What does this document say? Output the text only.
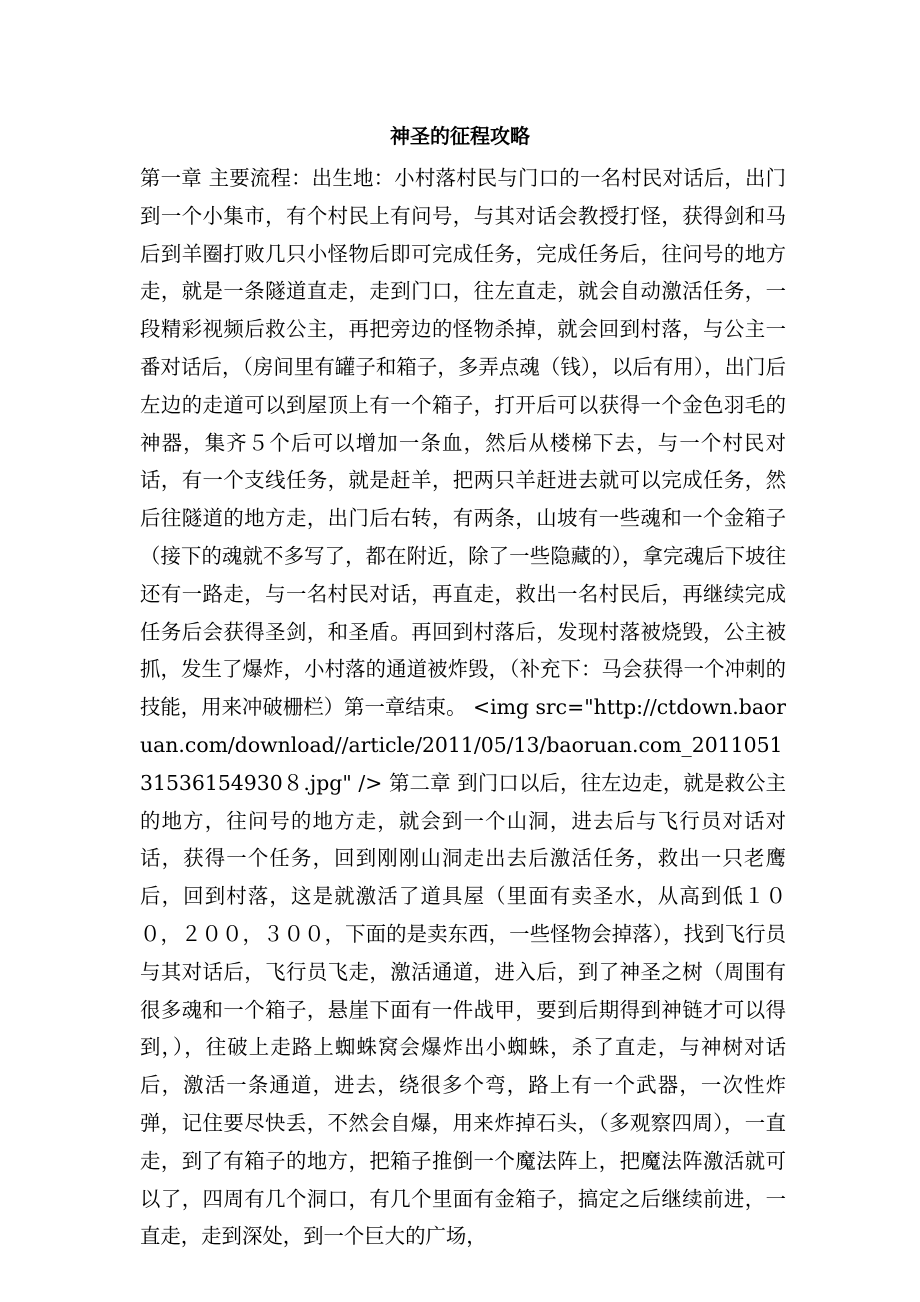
神圣的征程攻略

第一章 主要流程：出生地：小村落村民与门口的一名村民对话后，出门到一个小集市，有个村民上有问号，与其对话会教授打怪，获得剑和马后到羊圈打败几只小怪物后即可完成任务，完成任务后，往问号的地方走，就是一条隧道直走，走到门口，往左直走，就会自动激活任务，一段精彩视频后救公主，再把旁边的怪物杀掉，就会回到村落，与公主一番对话后，（房间里有罐子和箱子，多弄点魂（钱），以后有用），出门后左边的走道可以到屋顶上有一个箱子，打开后可以获得一个金色羽毛的神器，集齐５个后可以增加一条血，然后从楼梯下去，与一个村民对话，有一个支线任务，就是赶羊，把两只羊赶进去就可以完成任务，然后往隧道的地方走，出门后右转，有两条，山坡有一些魂和一个金箱子（接下的魂就不多写了，都在附近，除了一些隐藏的），拿完魂后下坡往还有一路走，与一名村民对话，再直走，救出一名村民后，再继续完成任务后会获得圣剑，和圣盾。再回到村落后，发现村落被烧毁，公主被抓，发生了爆炸，小村落的通道被炸毁，（补充下：马会获得一个冲刺的技能，用来冲破栅栏）第一章结束。 <img src="http://ctdown.baoruan.com/download//article/2011/05/13/baoruan.com_201105131536154930８.jpg" /> 第二章 到门口以后，往左边走，就是救公主的地方，往问号的地方走，就会到一个山洞，进去后与飞行员对话对话，获得一个任务，回到刚刚山洞走出去后激活任务，救出一只老鹰后，回到村落，这是就激活了道具屋（里面有卖圣水，从高到低１００，２００，３００，下面的是卖东西，一些怪物会掉落），找到飞行员与其对话后，飞行员飞走，激活通道，进入后，到了神圣之树（周围有很多魂和一个箱子，悬崖下面有一件战甲，要到后期得到神链才可以得到，），往破上走路上蜘蛛窝会爆炸出小蜘蛛，杀了直走，与神树对话后，激活一条通道，进去，绕很多个弯，路上有一个武器，一次性炸弹，记住要尽快丢，不然会自爆，用来炸掉石头，（多观察四周），一直走，到了有箱子的地方，把箱子推倒一个魔法阵上，把魔法阵激活就可以了，四周有几个洞口，有几个里面有金箱子，搞定之后继续前进，一直走，走到深处，到一个巨大的广场，
